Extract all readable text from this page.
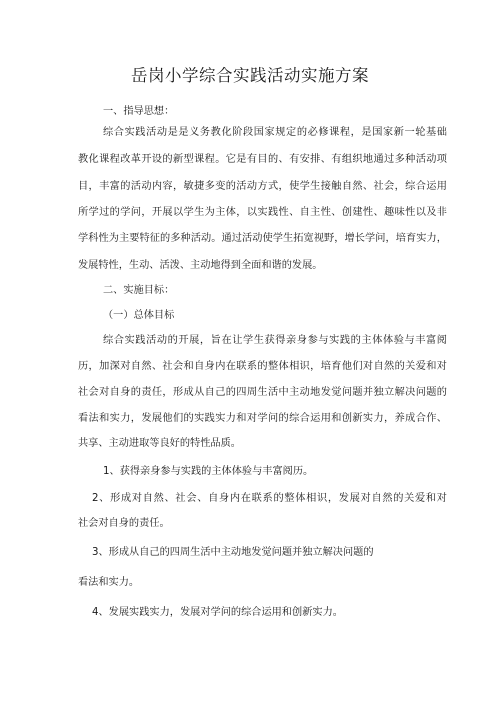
岳岗小学综合实践活动实施方案
一、指导思想：
综合实践活动是是义务教化阶段国家规定的必修课程，是国家新一轮基础
教化课程改革开设的新型课程。它是有目的、有安排、有组织地通过多种活动项
目，丰富的活动内容，敏捷多变的活动方式，使学生接触自然、社会，综合运用
所学过的学问，开展以学生为主体，以实践性、自主性、创建性、趣味性以及非
学科性为主要特征的多种活动。通过活动使学生拓宽视野，增长学问，培育实力，
发展特性，生动、活泼、主动地得到全面和谐的发展。
二、实施目标：
（一）总体目标
综合实践活动的开展，旨在让学生获得亲身参与实践的主体体验与丰富阅
历，加深对自然、社会和自身内在联系的整体相识，培育他们对自然的关爱和对
社会对自身的责任，形成从自己的四周生活中主动地发觉问题并独立解决问题的
看法和实力，发展他们的实践实力和对学问的综合运用和创新实力，养成合作、
共享、主动进取等良好的特性品质。
1、获得亲身参与实践的主体体验与丰富阅历。
2、形成对自然、社会、自身内在联系的整体相识，发展对自然的关爱和对
社会对自身的责任。
3、形成从自己的四周生活中主动地发觉问题并独立解决问题的
看法和实力。
4、发展实践实力，发展对学问的综合运用和创新实力。
